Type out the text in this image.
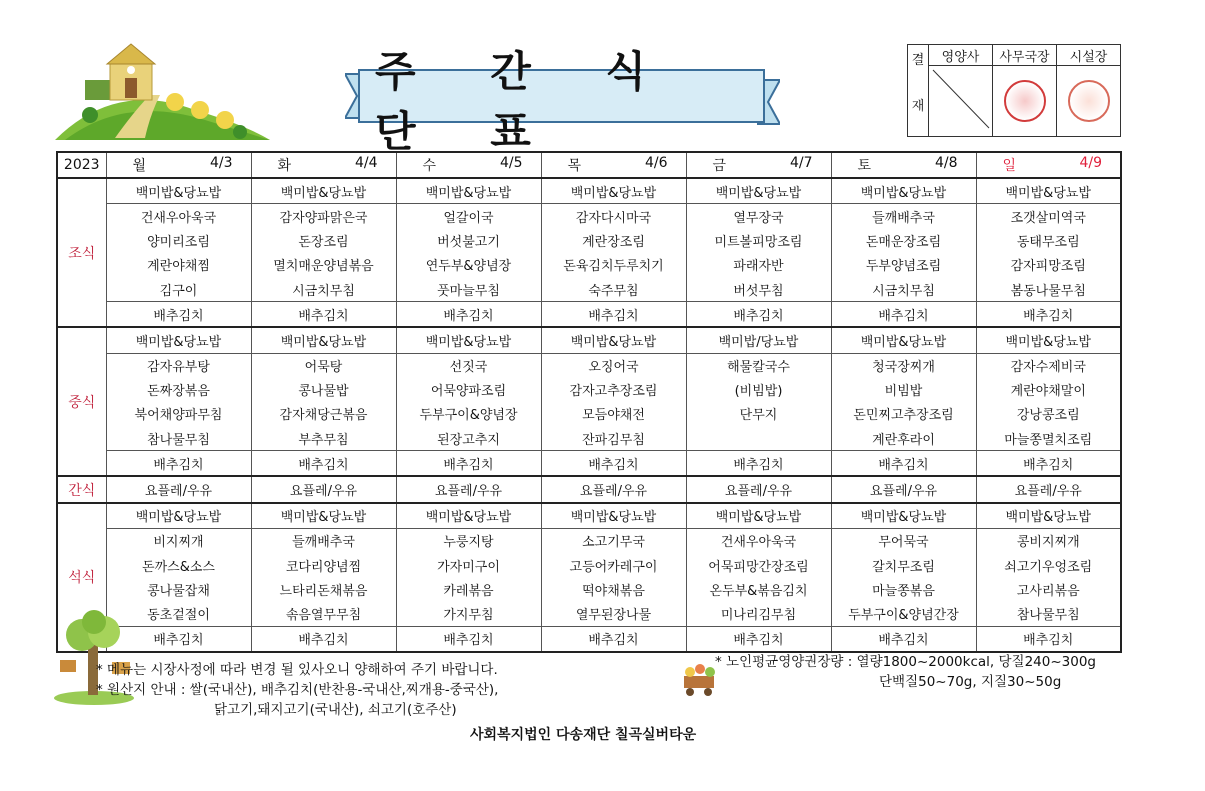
주 간 식 단 표
결
재	영양사	사무국장	시설장

2023	월 4/3	화 4/4	수 4/5	목 4/6	금 4/7	토 4/8	일 4/9

조식	백미밥&당뇨밥	백미밥&당뇨밥	백미밥&당뇨밥	백미밥&당뇨밥	백미밥&당뇨밥	백미밥&당뇨밥	백미밥&당뇨밥
	건새우아욱국	감자양파맑은국	얼갈이국	감자다시마국	열무장국	들깨배추국	조갯살미역국
	양미리조림	돈장조림	버섯불고기	계란장조림	미트볼피망조림	돈매운장조림	동태무조림
	계란야채찜	멸치매운양념볶음	연두부&양념장	돈육김치두루치기	파래자반	두부양념조림	감자피망조림
	김구이	시금치무침	풋마늘무침	숙주무침	버섯무침	시금치무침	봄동나물무침
	배추김치	배추김치	배추김치	배추김치	배추김치	배추김치	배추김치
중식	백미밥&당뇨밥	백미밥&당뇨밥	백미밥&당뇨밥	백미밥&당뇨밥	백미밥/당뇨밥	백미밥&당뇨밥	백미밥&당뇨밥
	감자유부탕	어묵탕	선짓국	오징어국	해물칼국수	청국장찌개	감자수제비국
	돈짜장볶음	콩나물밥	어묵양파조림	감자고추장조림	(비빔밥)	비빔밥	계란야채말이
	북어채양파무침	감자채당근볶음	두부구이&양념장	모듬야채전	단무지	돈민찌고추장조림	강낭콩조림
	참나물무침	부추무침	된장고추지	잔파김무침		계란후라이	마늘쫑멸치조림
	배추김치	배추김치	배추김치	배추김치	배추김치	배추김치	배추김치
간식	요플레/우유	요플레/우유	요플레/우유	요플레/우유	요플레/우유	요플레/우유	요플레/우유
석식	백미밥&당뇨밥	백미밥&당뇨밥	백미밥&당뇨밥	백미밥&당뇨밥	백미밥&당뇨밥	백미밥&당뇨밥	백미밥&당뇨밥
	비지찌개	들깨배추국	누룽지탕	소고기무국	건새우아욱국	무어묵국	콩비지찌개
	돈까스&소스	코다리양념찜	가자미구이	고등어카레구이	어묵피망간장조림	갈치무조림	쇠고기우엉조림
	콩나물잡채	느타리돈채볶음	카레볶음	떡야채볶음	온두부&볶음김치	마늘쫑볶음	고사리볶음
	동초겉절이	솎음열무무침	가지무침	열무된장나물	미나리김무침	두부구이&양념간장	참나물무침
	배추김치	배추김치	배추김치	배추김치	배추김치	배추김치	배추김치
* 메뉴는 시장사정에 따라 변경 될 있사오니 양해하여 주기 바랍니다.
* 원산지 안내 : 쌀(국내산), 배추김치(반찬용-국내산,찌개용-중국산),
닭고기,돼지고기(국내산), 쇠고기(호주산)
* 노인평균영양권장량 : 열량1800~2000kcal, 당질240~300g
단백질50~70g, 지질30~50g
사회복지법인 다송재단 칠곡실버타운
